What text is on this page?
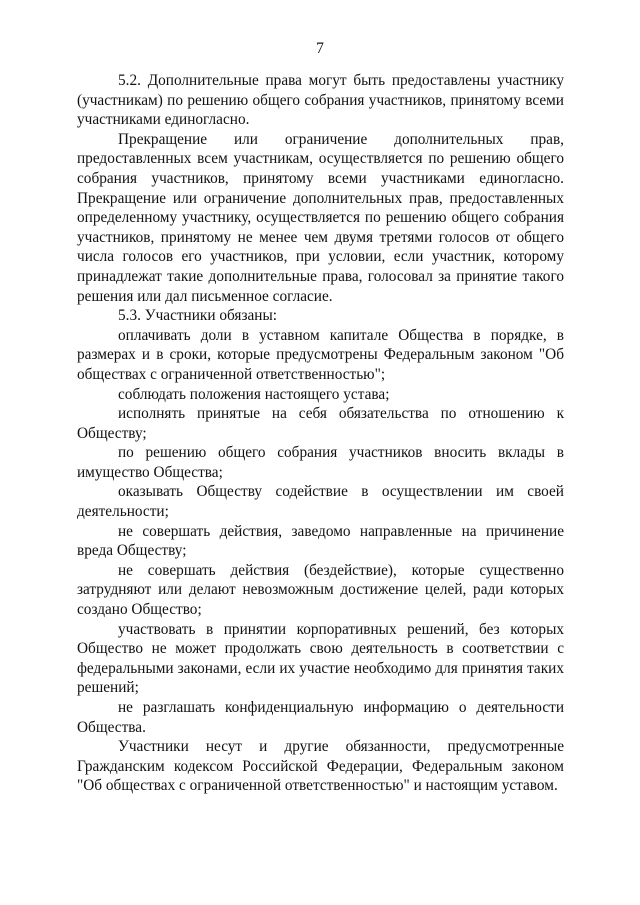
7

5.2. Дополнительные права могут быть предоставлены участнику (участникам) по решению общего собрания участников, принятому всеми участниками единогласно.

Прекращение или ограничение дополнительных прав, предоставленных всем участникам, осуществляется по решению общего собрания участников, принятому всеми участниками единогласно. Прекращение или ограничение дополнительных прав, предоставленных определенному участнику, осуществляется по решению общего собрания участников, принятому не менее чем двумя третями голосов от общего числа голосов его участников, при условии, если участник, которому принадлежат такие дополнительные права, голосовал за принятие такого решения или дал письменное согласие.

5.3. Участники обязаны:

оплачивать доли в уставном капитале Общества в порядке, в размерах и в сроки, которые предусмотрены Федеральным законом "Об обществах с ограниченной ответственностью";

соблюдать положения настоящего устава;

исполнять принятые на себя обязательства по отношению к Обществу;

по решению общего собрания участников вносить вклады в имущество Общества;

оказывать Обществу содействие в осуществлении им своей деятельности;

не совершать действия, заведомо направленные на причинение вреда Обществу;

не совершать действия (бездействие), которые существенно затрудняют или делают невозможным достижение целей, ради которых создано Общество;

участвовать в принятии корпоративных решений, без которых Общество не может продолжать свою деятельность в соответствии с федеральными законами, если их участие необходимо для принятия таких решений;

не разглашать конфиденциальную информацию о деятельности Общества.

Участники несут и другие обязанности, предусмотренные Гражданским кодексом Российской Федерации, Федеральным законом "Об обществах с ограниченной ответственностью" и настоящим уставом.
